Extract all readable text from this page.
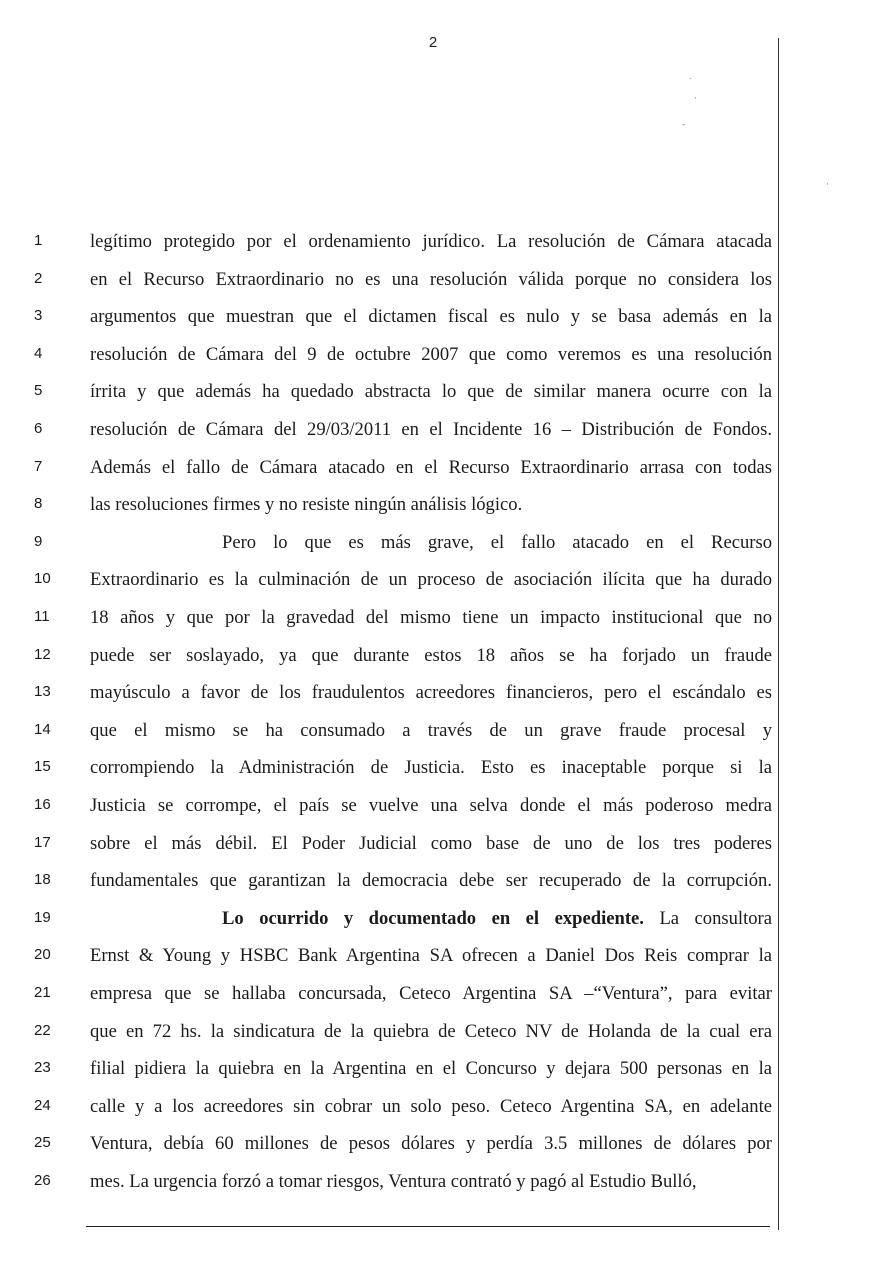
2
˙
·
-
·
1	legítimo protegido por el ordenamiento jurídico. La resolución de Cámara atacada
2	en el Recurso Extraordinario no es una resolución válida porque no considera los
3	argumentos que muestran que el dictamen fiscal es nulo y se basa además en la
4	resolución de Cámara del 9 de octubre 2007 que como veremos es una resolución
5	írrita y que además ha quedado abstracta lo que de similar manera ocurre con la
6	resolución de Cámara del 29/03/2011 en el Incidente 16 – Distribución de Fondos.
7	Además el fallo de Cámara atacado en el Recurso Extraordinario arrasa con todas
8	las resoluciones firmes y no resiste ningún análisis lógico.
9	Pero lo que es más grave, el fallo atacado en el Recurso
10	Extraordinario es la culminación de un proceso de asociación ilícita que ha durado
11	18 años y que por la gravedad del mismo tiene un impacto institucional que no
12	puede ser soslayado, ya que durante estos 18 años se ha forjado un fraude
13	mayúsculo a favor de los fraudulentos acreedores financieros, pero el escándalo es
14	que el mismo se ha consumado a través de un grave fraude procesal y
15	corrompiendo la Administración de Justicia. Esto es inaceptable porque si la
16	Justicia se corrompe, el país se vuelve una selva donde el más poderoso medra
17	sobre el más débil. El Poder Judicial como base de uno de los tres poderes
18	fundamentales que garantizan la democracia debe ser recuperado de la corrupción.
19	Lo ocurrido y documentado en el expediente. La consultora
20	Ernst & Young y HSBC Bank Argentina SA ofrecen a Daniel Dos Reis comprar la
21	empresa que se hallaba concursada, Ceteco Argentina SA –“Ventura”, para evitar
22	que en 72 hs. la sindicatura de la quiebra de Ceteco NV de Holanda de la cual era
23	filial pidiera la quiebra en la Argentina en el Concurso y dejara 500 personas en la
24	calle y a los acreedores sin cobrar un solo peso. Ceteco Argentina SA, en adelante
25	Ventura, debía 60 millones de pesos dólares y perdía 3.5 millones de dólares por
26	mes. La urgencia forzó a tomar riesgos, Ventura contrató y pagó al Estudio Bulló,
